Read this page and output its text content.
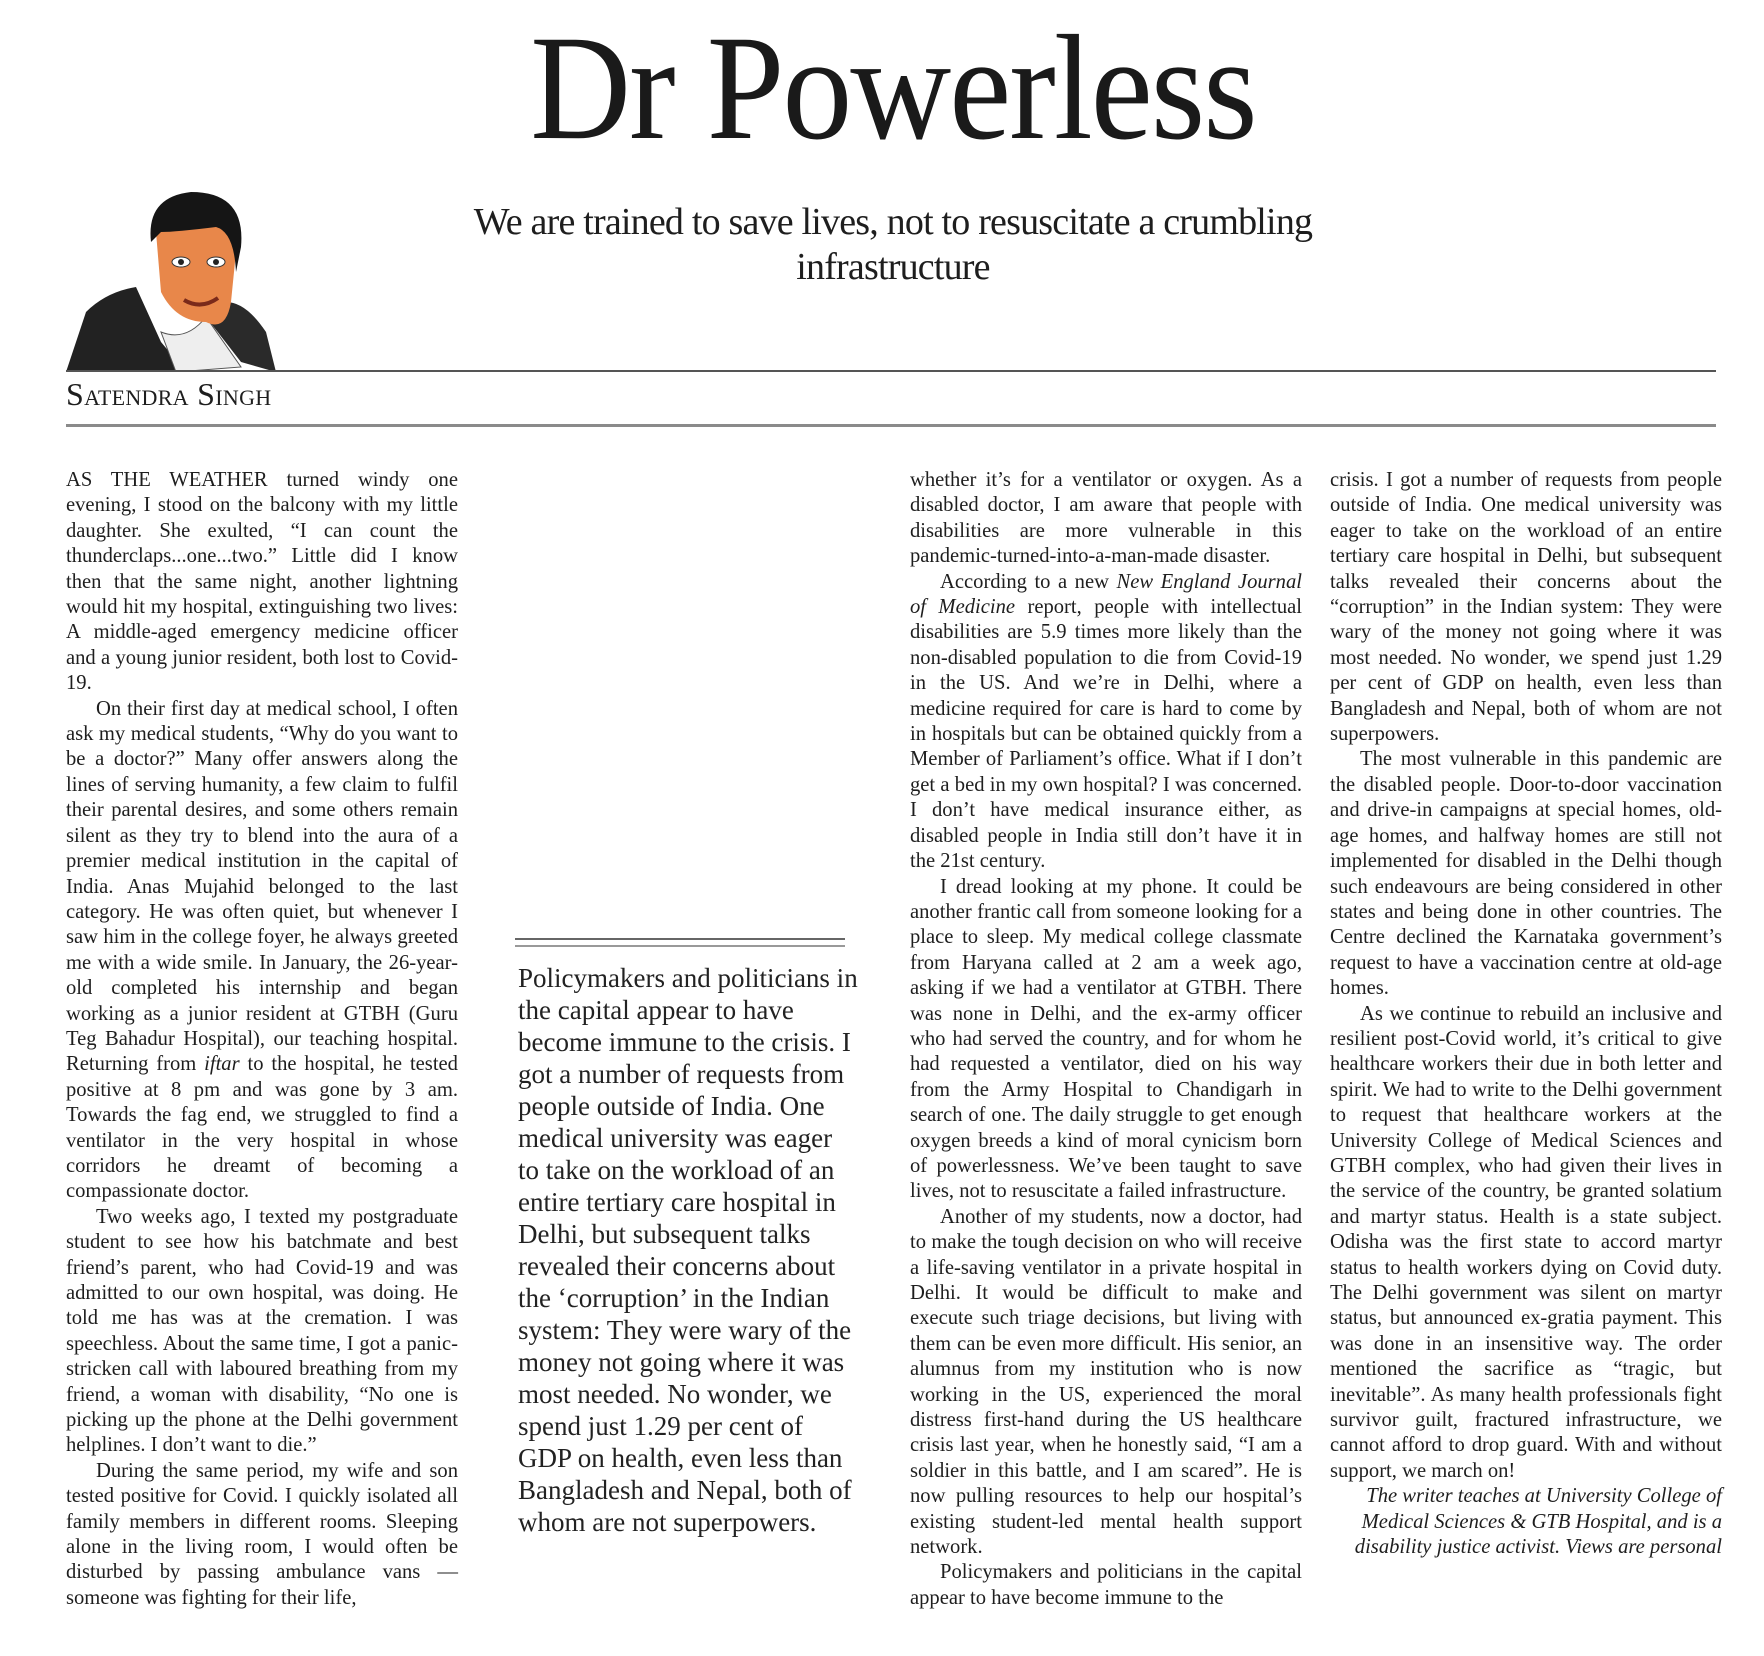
Dr Powerless
We are trained to save lives, not to resuscitate a crumbling infrastructure
Satendra Singh

AS THE WEATHER turned windy one evening, I stood on the balcony with my little daughter. She exulted, “I can count the thunderclaps...one...two.” Little did I know then that the same night, another lightning would hit my hospital, extinguishing two lives: A middle-aged emergency medicine officer and a young junior resident, both lost to Covid-19.

On their first day at medical school, I often ask my medical students, “Why do you want to be a doctor?” Many offer answers along the lines of serving humanity, a few claim to fulfil their parental desires, and some others remain silent as they try to blend into the aura of a premier medical institution in the capital of India. Anas Mujahid belonged to the last category. He was often quiet, but whenever I saw him in the college foyer, he always greeted me with a wide smile. In January, the 26-year-old completed his internship and began working as a junior resident at GTBH (Guru Teg Bahadur Hospital), our teaching hospital. Returning from iftar to the hospital, he tested positive at 8 pm and was gone by 3 am. Towards the fag end, we struggled to find a ventilator in the very hospital in whose corridors he dreamt of becoming a compassionate doctor.

Two weeks ago, I texted my postgraduate student to see how his batchmate and best friend’s parent, who had Covid-19 and was admitted to our own hospital, was doing. He told me has was at the cremation. I was speechless. About the same time, I got a panic-stricken call with laboured breathing from my friend, a woman with disability, “No one is picking up the phone at the Delhi government helplines. I don’t want to die.”

During the same period, my wife and son tested positive for Covid. I quickly isolated all family members in different rooms. Sleeping alone in the living room, I would often be disturbed by passing ambulance vans — someone was fighting for their life,

Policymakers and politicians in the capital appear to have become immune to the crisis. I got a number of requests from people outside of India. One medical university was eager to take on the workload of an entire tertiary care hospital in Delhi, but subsequent talks revealed their concerns about the ‘corruption’ in the Indian system: They were wary of the money not going where it was most needed. No wonder, we spend just 1.29 per cent of GDP on health, even less than Bangladesh and Nepal, both of whom are not superpowers.

whether it’s for a ventilator or oxygen. As a disabled doctor, I am aware that people with disabilities are more vulnerable in this pandemic-turned-into-a-man-made disaster.

According to a new New England Journal of Medicine report, people with intellectual disabilities are 5.9 times more likely than the non-disabled population to die from Covid-19 in the US. And we’re in Delhi, where a medicine required for care is hard to come by in hospitals but can be obtained quickly from a Member of Parliament’s office. What if I don’t get a bed in my own hospital? I was concerned. I don’t have medical insurance either, as disabled people in India still don’t have it in the 21st century.

I dread looking at my phone. It could be another frantic call from someone looking for a place to sleep. My medical college classmate from Haryana called at 2 am a week ago, asking if we had a ventilator at GTBH. There was none in Delhi, and the ex-army officer who had served the country, and for whom he had requested a ventilator, died on his way from the Army Hospital to Chandigarh in search of one. The daily struggle to get enough oxygen breeds a kind of moral cynicism born of powerlessness. We’ve been taught to save lives, not to resuscitate a failed infrastructure.

Another of my students, now a doctor, had to make the tough decision on who will receive a life-saving ventilator in a private hospital in Delhi. It would be difficult to make and execute such triage decisions, but living with them can be even more difficult. His senior, an alumnus from my institution who is now working in the US, experienced the moral distress first-hand during the US healthcare crisis last year, when he honestly said, “I am a soldier in this battle, and I am scared”. He is now pulling resources to help our hospital’s existing student-led mental health support network.

Policymakers and politicians in the capital appear to have become immune to the

crisis. I got a number of requests from people outside of India. One medical university was eager to take on the workload of an entire tertiary care hospital in Delhi, but subsequent talks revealed their concerns about the “corruption” in the Indian system: They were wary of the money not going where it was most needed. No wonder, we spend just 1.29 per cent of GDP on health, even less than Bangladesh and Nepal, both of whom are not superpowers.

The most vulnerable in this pandemic are the disabled people. Door-to-door vaccination and drive-in campaigns at special homes, old-age homes, and halfway homes are still not implemented for disabled in the Delhi though such endeavours are being considered in other states and being done in other countries. The Centre declined the Karnataka government’s request to have a vaccination centre at old-age homes.

As we continue to rebuild an inclusive and resilient post-Covid world, it’s critical to give healthcare workers their due in both letter and spirit. We had to write to the Delhi government to request that healthcare workers at the University College of Medical Sciences and GTBH complex, who had given their lives in the service of the country, be granted solatium and martyr status. Health is a state subject. Odisha was the first state to accord martyr status to health workers dying on Covid duty. The Delhi government was silent on martyr status, but announced ex-gratia payment. This was done in an insensitive way. The order mentioned the sacrifice as “tragic, but inevitable”. As many health professionals fight survivor guilt, fractured infrastructure, we cannot afford to drop guard. With and without support, we march on!

The writer teaches at University College of Medical Sciences & GTB Hospital, and is a disability justice activist. Views are personal
